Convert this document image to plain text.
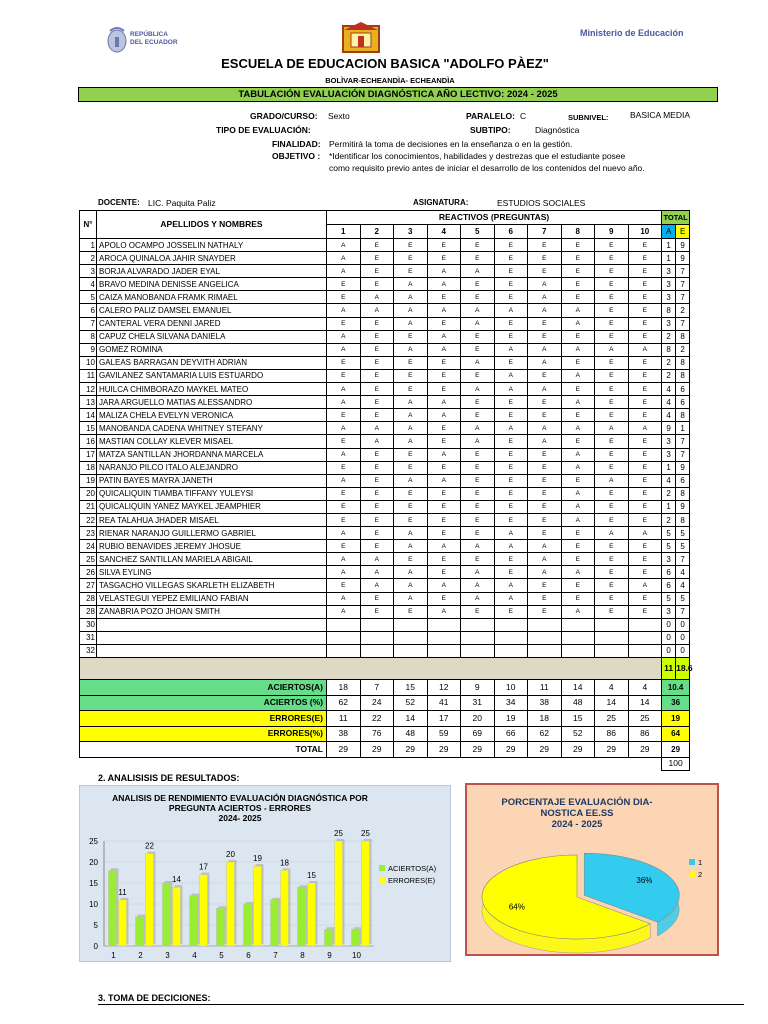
REPÚBLICA
DEL ECUADOR
Ministerio de Educación
ESCUELA DE EDUCACION BASICA "ADOLFO PÀEZ"
BOLÌVAR-ECHEANDÌA- ECHEANDÌA
TABULACIÓN EVALUACIÓN DIAGNÓSTICA AÑO LECTIVO: 2024 - 2025
GRADO/CURSO: Sexto	PARALELO: C	SUBNIVEL:	BASICA MEDIA
TIPO DE EVALUACIÓN:	SUBTIPO:	Diagnóstica
FINALIDAD: Permitirá la toma de decisiones en la enseñanza o en la gestión.
OBJETIVO : *Identificar los conocimientos, habilidades y destrezas que el estudiante posee
como requisito previo antes de iniciar el desarrollo de los contenidos del nuevo año.
DOCENTE: LIC. Paquita Paliz	ASIGNATURA:	ESTUDIOS SOCIALES
N°	APELLIDOS Y NOMBRES	REACTIVOS (PREGUNTAS)										TOTAL	
		1	2	3	4	5	6	7	8	9	10	A	E
1	APOLO OCAMPO JOSSELIN NATHALY	A	E	E	E	E	E	E	E	E	E	1	9
2	AROCA QUINALOA JAHIR SNAYDER	A	E	E	E	E	E	E	E	E	E	1	9
3	BORJA ALVARADO JADER EYAL	A	E	E	A	A	E	E	E	E	E	3	7
4	BRAVO MEDINA DENISSE ANGELICA	E	E	A	A	E	E	A	E	E	E	3	7
5	CAIZA MANOBANDA FRAMK RIMAEL	E	A	A	E	E	E	A	E	E	E	3	7
6	CALERO PALIZ DAMSEL EMANUEL	A	A	A	A	A	A	A	A	E	E	8	2
7	CANTERAL VERA DENNI JARED	E	E	A	E	A	E	E	A	E	E	3	7
8	CAPUZ CHELA SILVANA DANIELA	A	E	E	A	E	E	E	E	E	E	2	8
9	GOMEZ ROMINA	A	E	A	A	E	A	A	A	A	A	8	2
10	GALEAS BARRAGAN DEYVITH ADRIAN	E	E	E	E	A	E	A	E	E	E	2	8
11	GAVILANEZ SANTAMARIA LUIS ESTUARDO	E	E	E	E	E	A	E	A	E	E	2	8
12	HUILCA CHIMBORAZO MAYKEL MATEO	A	E	E	E	A	A	A	E	E	E	4	6
13	JARA ARGUELLO MATIAS ALESSANDRO	A	E	A	A	E	E	E	A	E	E	4	6
14	MALIZA CHELA EVELYN VERONICA	E	E	A	A	E	E	E	E	E	E	4	8
15	MANOBANDA CADENA WHITNEY STEFANY	A	A	A	E	A	A	A	A	A	A	9	1
16	MASTIAN COLLAY KLEVER MISAEL	E	A	A	E	A	E	A	E	E	E	3	7
17	MATZA SANTILLAN JHORDANNA MARCELA	A	E	E	A	E	E	E	A	E	E	3	7
18	NARANJO PILCO ITALO ALEJANDRO	E	E	E	E	E	E	E	A	E	E	1	9
19	PATIN BAYES MAYRA JANETH	A	E	A	A	E	E	E	E	A	E	4	6
20	QUICALIQUIN TIAMBA TIFFANY YULEYSI	E	E	E	E	E	E	E	A	E	E	2	8
21	QUICALIQUIN YANEZ MAYKEL JEAMPHIER	E	E	E	E	E	E	E	A	E	E	1	9
22	REA TALAHUA JHADER MISAEL	E	E	E	E	E	E	E	A	E	E	2	8
23	RIENAR NARANJO GUILLERMO GABRIEL	A	E	A	E	E	A	E	E	A	A	5	5
24	RUBIO BENAVIDES JEREMY JHOSUE	E	E	A	A	A	A	A	E	E	E	5	5
25	SANCHEZ SANTILLAN MARIELA ABIGAIL	A	A	E	E	E	E	A	E	E	E	3	7
26	SILVA EYLING	A	A	A	E	A	E	A	A	E	E	6	4
27	TASGACHO VILLEGAS SKARLETH ELIZABETH	E	A	A	A	A	A	E	E	E	A	6	4
28	VELASTEGUI YEPEZ EMILIANO FABIAN	A	E	A	E	A	A	E	E	E	E	5	5
28	ZANABRIA POZO JHOAN SMITH	A	E	E	A	E	E	E	A	E	E	3	7
30												0	0
31												0	0
32												0	0
												11	18.6
ACIERTOS(A)		18	7	15	12	9	10	11	14	4	4	10.4	
ACIERTOS (%)		62	24	52	41	31	34	38	48	14	14	36	
ERRORES(E)		11	22	14	17	20	19	18	15	25	25	19	
ERRORES(%)		38	76	48	59	69	66	62	52	86	86	64	
TOTAL		29	29	29	29	29	29	29	29	29	29	29	
												100	
2. ANALISISIS DE RESULTADOS:
ANALISIS DE RENDIMIENTO EVALUACIÓN DIAGNÓSTICA POR
PREGUNTA ACIERTOS - ERRORES
2024- 2025
0
5
10
15
20
25
11
1
22
2
14
3
17
4
20
5
19
6
18
7
15
8
25
9
25
10
ACIERTOS(A)
ERRORES(E)
PORCENTAJE EVALUACIÓN DIA-
NOSTICA EE.SS
2024 - 2025
36%
64%
1
2
3. TOMA DE DECICIONES:
